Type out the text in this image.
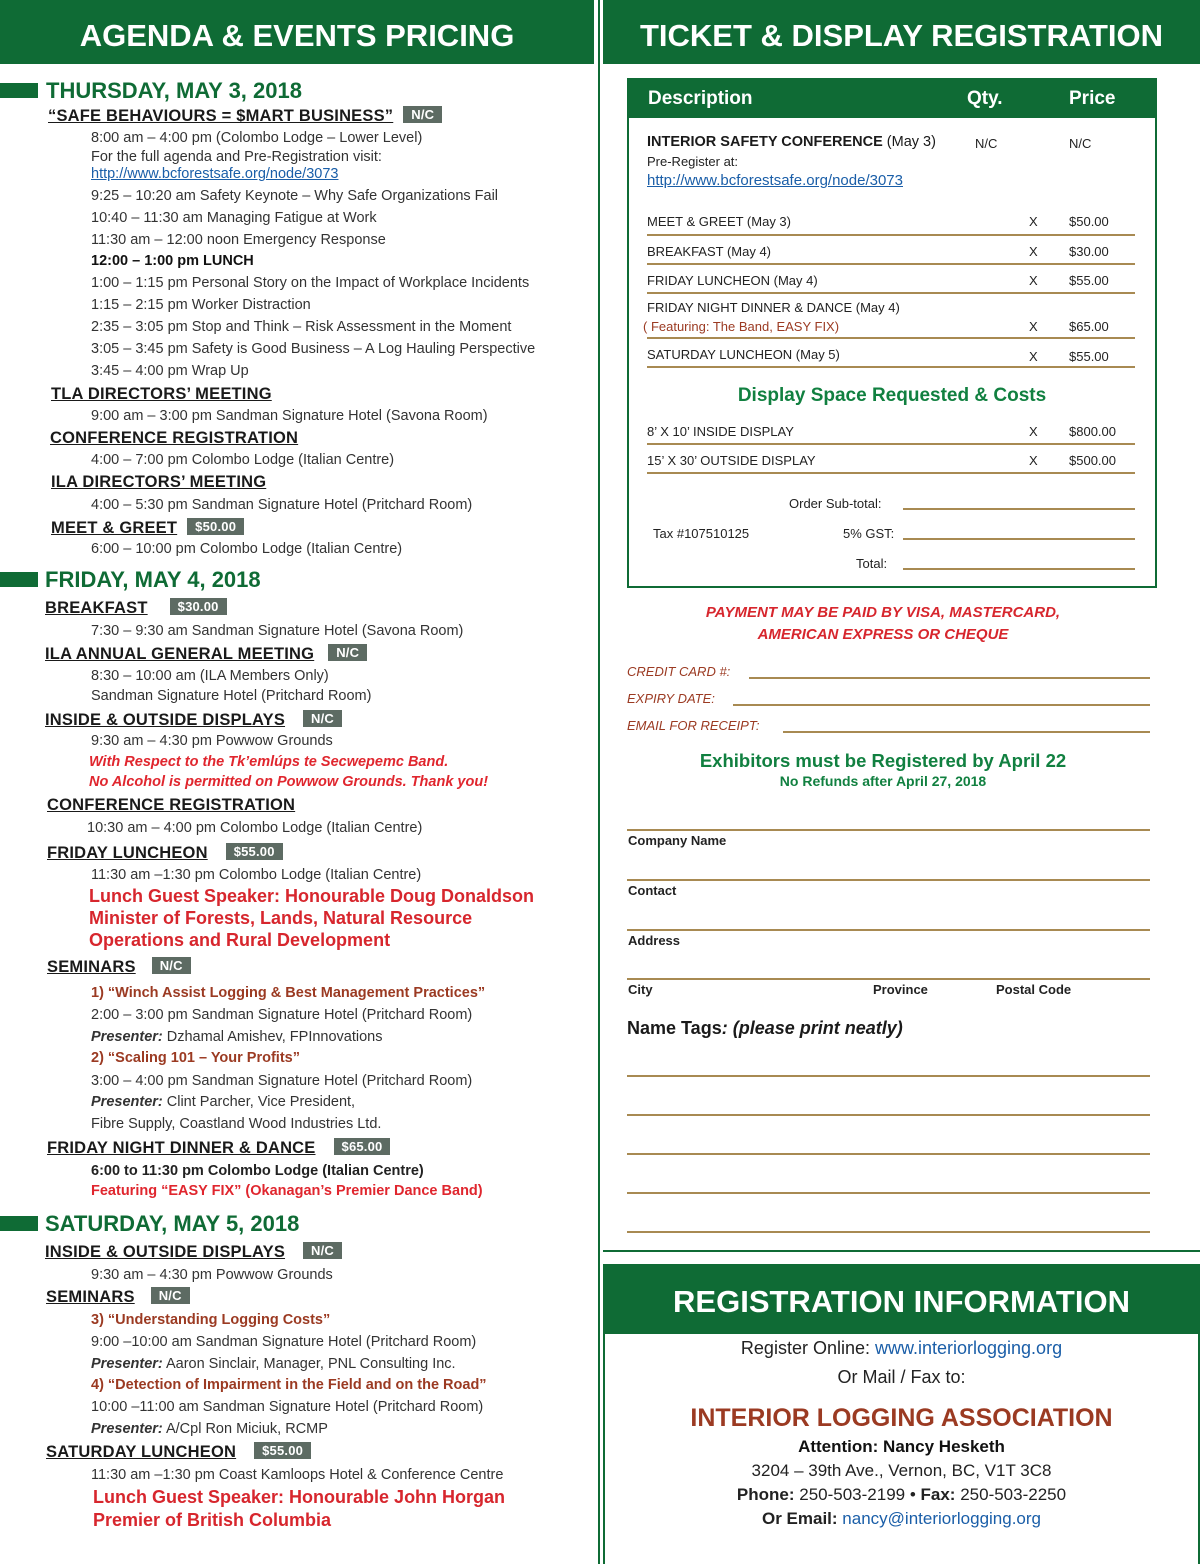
AGENDA & EVENTS PRICING
THURSDAY, MAY 3, 2018
“SAFE BEHAVIOURS = $MART BUSINESS” N/C
8:00 am – 4:00 pm (Colombo Lodge – Lower Level)
For the full agenda and Pre-Registration visit:
http://www.bcforestsafe.org/node/3073
9:25 – 10:20 am Safety Keynote – Why Safe Organizations Fail
10:40 – 11:30 am Managing Fatigue at Work
11:30 am – 12:00 noon Emergency Response
12:00 – 1:00 pm LUNCH
1:00 – 1:15 pm Personal Story on the Impact of Workplace Incidents
1:15 – 2:15 pm Worker Distraction
2:35 – 3:05 pm Stop and Think – Risk Assessment in the Moment
3:05 – 3:45 pm Safety is Good Business – A Log Hauling Perspective
3:45 – 4:00 pm Wrap Up
TLA DIRECTORS’ MEETING
9:00 am – 3:00 pm Sandman Signature Hotel (Savona Room)
CONFERENCE REGISTRATION
4:00 – 7:00 pm Colombo Lodge (Italian Centre)
ILA DIRECTORS’ MEETING
4:00 – 5:30 pm Sandman Signature Hotel (Pritchard Room)
MEET & GREET $50.00
6:00 – 10:00 pm Colombo Lodge (Italian Centre)
FRIDAY, MAY 4, 2018
BREAKFAST $30.00
7:30 – 9:30 am Sandman Signature Hotel (Savona Room)
ILA ANNUAL GENERAL MEETING N/C
8:30 – 10:00 am (ILA Members Only)
Sandman Signature Hotel (Pritchard Room)
INSIDE & OUTSIDE DISPLAYS N/C
9:30 am – 4:30 pm Powwow Grounds
With Respect to the Tk’emlúps te Secwepemc Band.
No Alcohol is permitted on Powwow Grounds. Thank you!
CONFERENCE REGISTRATION
10:30 am – 4:00 pm Colombo Lodge (Italian Centre)
FRIDAY LUNCHEON $55.00
11:30 am –1:30 pm Colombo Lodge (Italian Centre)
Lunch Guest Speaker: Honourable Doug Donaldson
Minister of Forests, Lands, Natural Resource
Operations and Rural Development
SEMINARS N/C
1) “Winch Assist Logging & Best Management Practices”
2:00 – 3:00 pm Sandman Signature Hotel (Pritchard Room)
Presenter: Dzhamal Amishev, FPInnovations
2) “Scaling 101 – Your Profits”
3:00 – 4:00 pm Sandman Signature Hotel (Pritchard Room)
Presenter: Clint Parcher, Vice President,
Fibre Supply, Coastland Wood Industries Ltd.
FRIDAY NIGHT DINNER & DANCE $65.00
6:00 to 11:30 pm Colombo Lodge (Italian Centre)
Featuring “EASY FIX” (Okanagan’s Premier Dance Band)
SATURDAY, MAY 5, 2018
INSIDE & OUTSIDE DISPLAYS N/C
9:30 am – 4:30 pm Powwow Grounds
SEMINARS N/C
3) “Understanding Logging Costs”
9:00 –10:00 am Sandman Signature Hotel (Pritchard Room)
Presenter: Aaron Sinclair, Manager, PNL Consulting Inc.
4) “Detection of Impairment in the Field and on the Road”
10:00 –11:00 am Sandman Signature Hotel (Pritchard Room)
Presenter: A/Cpl Ron Miciuk, RCMP
SATURDAY LUNCHEON $55.00
11:30 am –1:30 pm Coast Kamloops Hotel & Conference Centre
Lunch Guest Speaker: Honourable John Horgan
Premier of British Columbia
TICKET & DISPLAY REGISTRATION
Description	Qty.	Price
INTERIOR SAFETY CONFERENCE (May 3)	N/C	N/C
Pre-Register at:
http://www.bcforestsafe.org/node/3073
MEET & GREET (May 3)	X $50.00
BREAKFAST (May 4)	X $30.00
FRIDAY LUNCHEON (May 4)	X $55.00
FRIDAY NIGHT DINNER & DANCE (May 4)
( Featuring: The Band, EASY FIX)	X $65.00
SATURDAY LUNCHEON (May 5)	X $55.00
Display Space Requested & Costs
8’ X 10’ INSIDE DISPLAY	X $800.00
15’ X 30’ OUTSIDE DISPLAY	X $500.00
Order Sub-total:
Tax #107510125	5% GST:
Total:
PAYMENT MAY BE PAID BY VISA, MASTERCARD,
AMERICAN EXPRESS OR CHEQUE
CREDIT CARD #:
EXPIRY DATE:
EMAIL FOR RECEIPT:
Exhibitors must be Registered by April 22
No Refunds after April 27, 2018
Company Name
Contact
Address
City	Province	Postal Code
Name Tags: (please print neatly)
REGISTRATION INFORMATION
Register Online: www.interiorlogging.org
Or Mail / Fax to:
INTERIOR LOGGING ASSOCIATION
Attention: Nancy Hesketh
3204 – 39th Ave., Vernon, BC, V1T 3C8
Phone: 250-503-2199 • Fax: 250-503-2250
Or Email: nancy@interiorlogging.org
